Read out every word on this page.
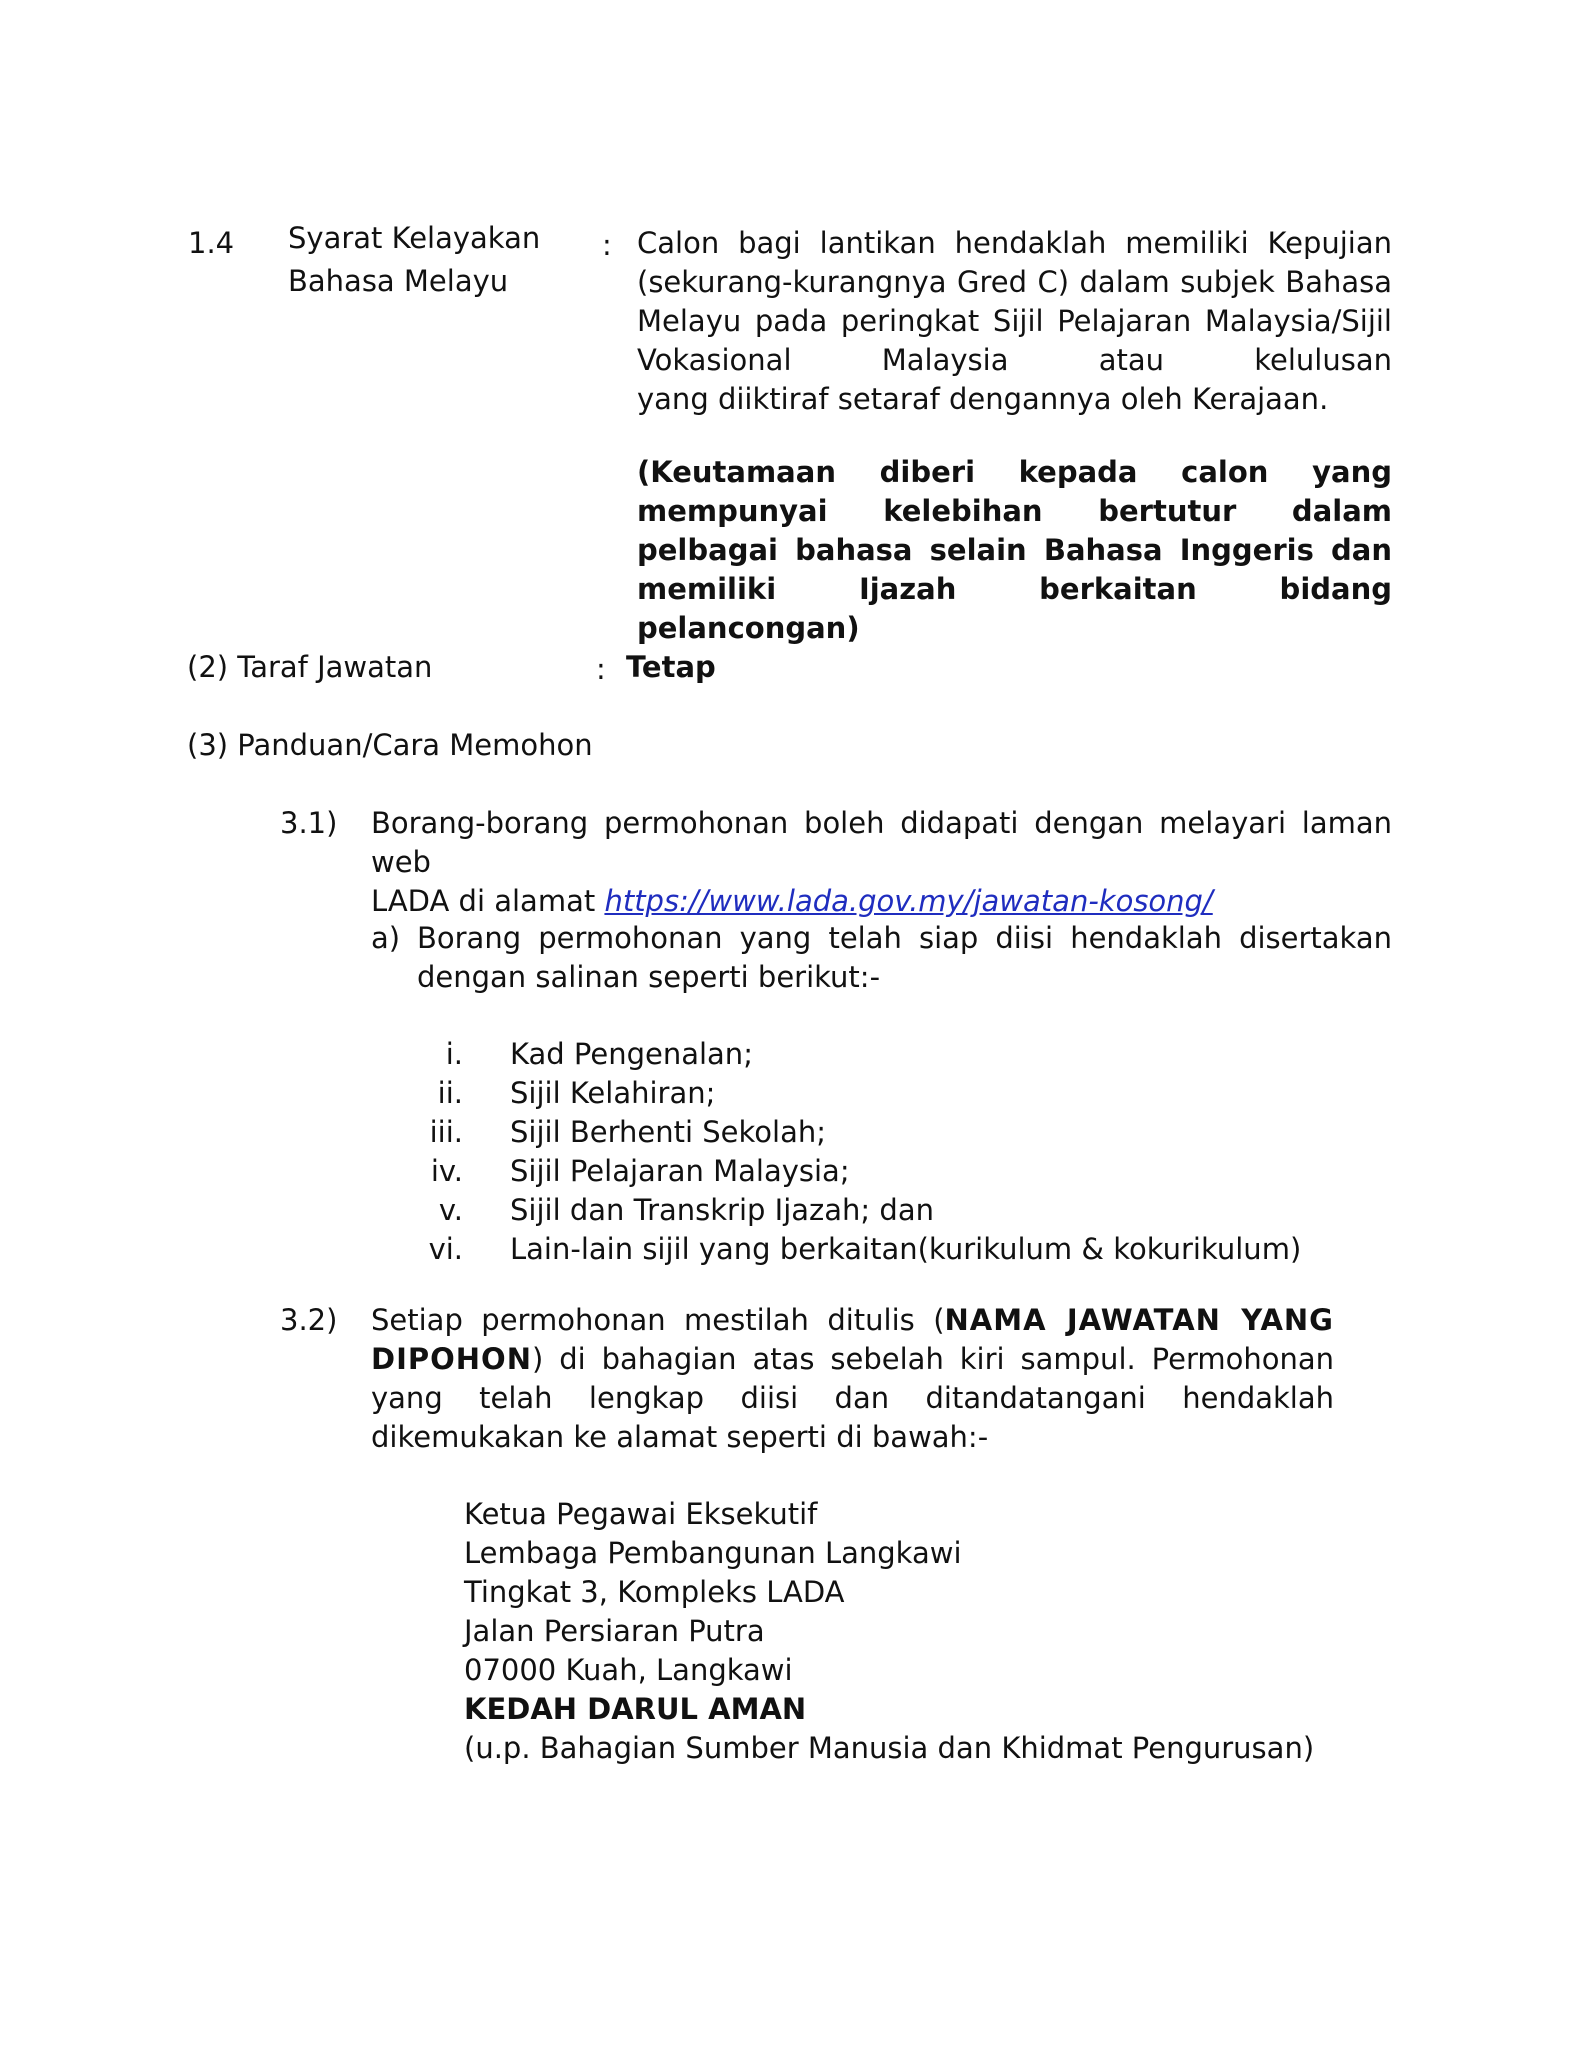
1.4 Syarat Kelayakan
Bahasa Melayu
: Calon bagi lantikan hendaklah memiliki Kepujian (sekurang-kurangnya Gred C) dalam subjek Bahasa Melayu pada peringkat Sijil Pelajaran Malaysia/Sijil Vokasional Malaysia atau kelulusan
yang diiktiraf setaraf dengannya oleh Kerajaan.
(Keutamaan diberi kepada calon yang mempunyai kelebihan bertutur dalam pelbagai bahasa selain Bahasa Inggeris dan memiliki Ijazah berkaitan bidang pelancongan)
(2) Taraf Jawatan	: Tetap
(3) Panduan/Cara Memohon
3.1) Borang-borang permohonan boleh didapati dengan melayari laman web
LADA di alamat https://www.lada.gov.my/jawatan-kosong/
a) Borang permohonan yang telah siap diisi hendaklah disertakan dengan salinan seperti berikut:-
i. Kad Pengenalan;
ii. Sijil Kelahiran;
iii. Sijil Berhenti Sekolah;
iv. Sijil Pelajaran Malaysia;
v. Sijil dan Transkrip Ijazah; dan
vi. Lain-lain sijil yang berkaitan(kurikulum & kokurikulum)
3.2) Setiap permohonan mestilah ditulis (NAMA JAWATAN YANG DIPOHON) di bahagian atas sebelah kiri sampul. Permohonan yang telah lengkap diisi dan ditandatangani hendaklah dikemukakan ke alamat seperti di bawah:-
Ketua Pegawai Eksekutif
Lembaga Pembangunan Langkawi
Tingkat 3, Kompleks LADA
Jalan Persiaran Putra
07000 Kuah, Langkawi
KEDAH DARUL AMAN
(u.p. Bahagian Sumber Manusia dan Khidmat Pengurusan)
